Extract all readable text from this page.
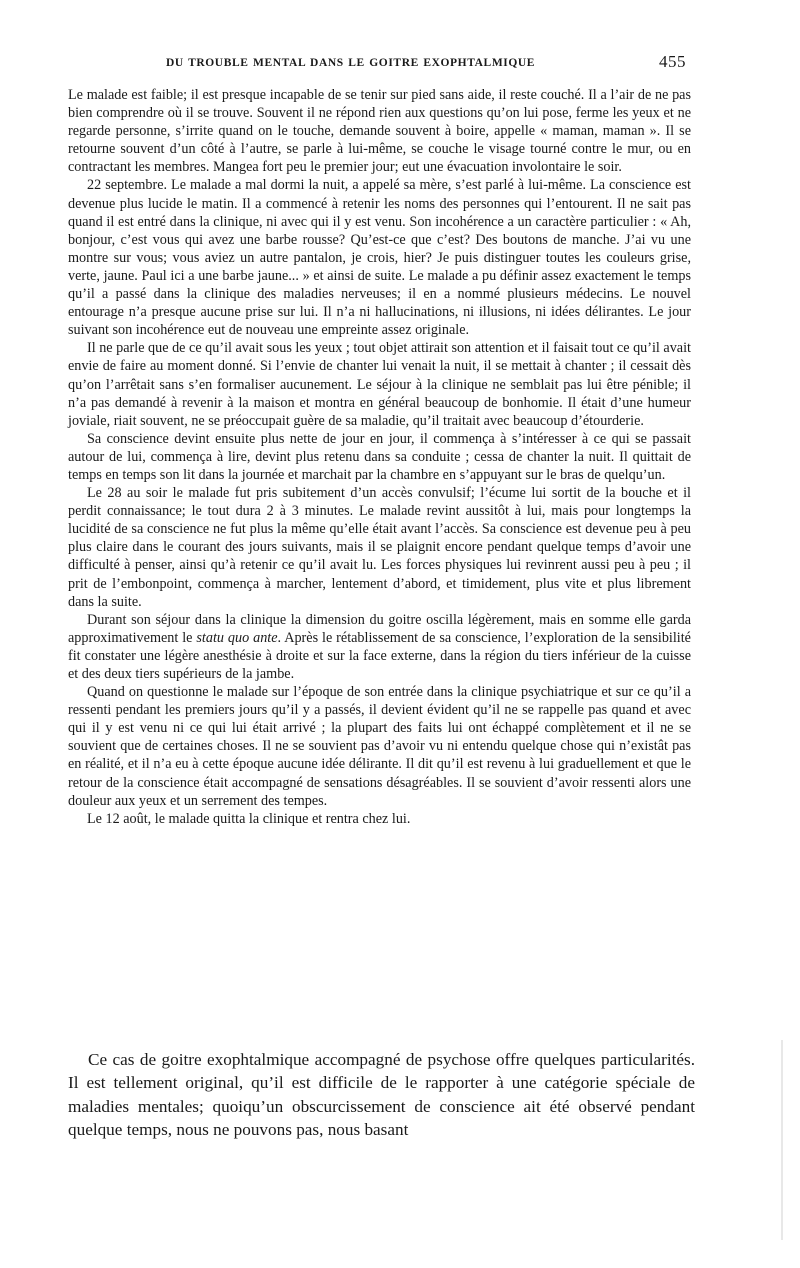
DU TROUBLE MENTAL DANS LE GOITRE EXOPHTALMIQUE	455

Le malade est faible; il est presque incapable de se tenir sur pied sans aide, il reste couché. Il a l’air de ne pas bien comprendre où il se trouve. Souvent il ne répond rien aux questions qu’on lui pose, ferme les yeux et ne regarde personne, s’irrite quand on le touche, demande souvent à boire, appelle « maman, maman ». Il se retourne souvent d’un côté à l’autre, se parle à lui-même, se couche le visage tourné contre le mur, ou en contractant les membres. Mangea fort peu le premier jour; eut une évacuation involontaire le soir.

22 septembre. Le malade a mal dormi la nuit, a appelé sa mère, s’est parlé à lui-même. La conscience est devenue plus lucide le matin. Il a commencé à retenir les noms des personnes qui l’entourent. Il ne sait pas quand il est entré dans la clinique, ni avec qui il y est venu. Son incohérence a un caractère particulier : « Ah, bonjour, c’est vous qui avez une barbe rousse? Qu’est-ce que c’est? Des boutons de manche. J’ai vu une montre sur vous; vous aviez un autre pantalon, je crois, hier? Je puis distinguer toutes les couleurs grise, verte, jaune. Paul ici a une barbe jaune... » et ainsi de suite. Le malade a pu définir assez exactement le temps qu’il a passé dans la clinique des maladies nerveuses; il en a nommé plusieurs médecins. Le nouvel entourage n’a presque aucune prise sur lui. Il n’a ni hallucinations, ni illusions, ni idées délirantes. Le jour suivant son incohérence eut de nouveau une empreinte assez originale.

Il ne parle que de ce qu’il avait sous les yeux ; tout objet attirait son attention et il faisait tout ce qu’il avait envie de faire au moment donné. Si l’envie de chanter lui venait la nuit, il se mettait à chanter ; il cessait dès qu’on l’arrêtait sans s’en formaliser aucunement. Le séjour à la clinique ne semblait pas lui être pénible; il n’a pas demandé à revenir à la maison et montra en général beaucoup de bonhomie. Il était d’une humeur joviale, riait souvent, ne se préoccupait guère de sa maladie, qu’il traitait avec beaucoup d’étourderie.

Sa conscience devint ensuite plus nette de jour en jour, il commença à s’intéresser à ce qui se passait autour de lui, commença à lire, devint plus retenu dans sa conduite ; cessa de chanter la nuit. Il quittait de temps en temps son lit dans la journée et marchait par la chambre en s’appuyant sur le bras de quelqu’un.

Le 28 au soir le malade fut pris subitement d’un accès convulsif; l’écume lui sortit de la bouche et il perdit connaissance; le tout dura 2 à 3 minutes. Le malade revint aussitôt à lui, mais pour longtemps la lucidité de sa conscience ne fut plus la même qu’elle était avant l’accès. Sa conscience est devenue peu à peu plus claire dans le courant des jours suivants, mais il se plaignit encore pendant quelque temps d’avoir une difficulté à penser, ainsi qu’à retenir ce qu’il avait lu. Les forces physiques lui revinrent aussi peu à peu ; il prit de l’embonpoint, commença à marcher, lentement d’abord, et timidement, plus vite et plus librement dans la suite.

Durant son séjour dans la clinique la dimension du goitre oscilla légèrement, mais en somme elle garda approximativement le statu quo ante. Après le rétablissement de sa conscience, l’exploration de la sensibilité fit constater une légère anesthésie à droite et sur la face externe, dans la région du tiers inférieur de la cuisse et des deux tiers supérieurs de la jambe.

Quand on questionne le malade sur l’époque de son entrée dans la clinique psychiatrique et sur ce qu’il a ressenti pendant les premiers jours qu’il y a passés, il devient évident qu’il ne se rappelle pas quand et avec qui il y est venu ni ce qui lui était arrivé ; la plupart des faits lui ont échappé complètement et il ne se souvient que de certaines choses. Il ne se souvient pas d’avoir vu ni entendu quelque chose qui n’existât pas en réalité, et il n’a eu à cette époque aucune idée délirante. Il dit qu’il est revenu à lui graduellement et que le retour de la conscience était accompagné de sensations désagréables. Il se souvient d’avoir ressenti alors une douleur aux yeux et un serrement des tempes.

Le 12 août, le malade quitta la clinique et rentra chez lui.

Ce cas de goitre exophtalmique accompagné de psychose offre quelques particularités. Il est tellement original, qu’il est difficile de le rapporter à une catégorie spéciale de maladies mentales; quoiqu’un obscurcissement de conscience ait été observé pendant quelque temps, nous ne pouvons pas, nous basant
